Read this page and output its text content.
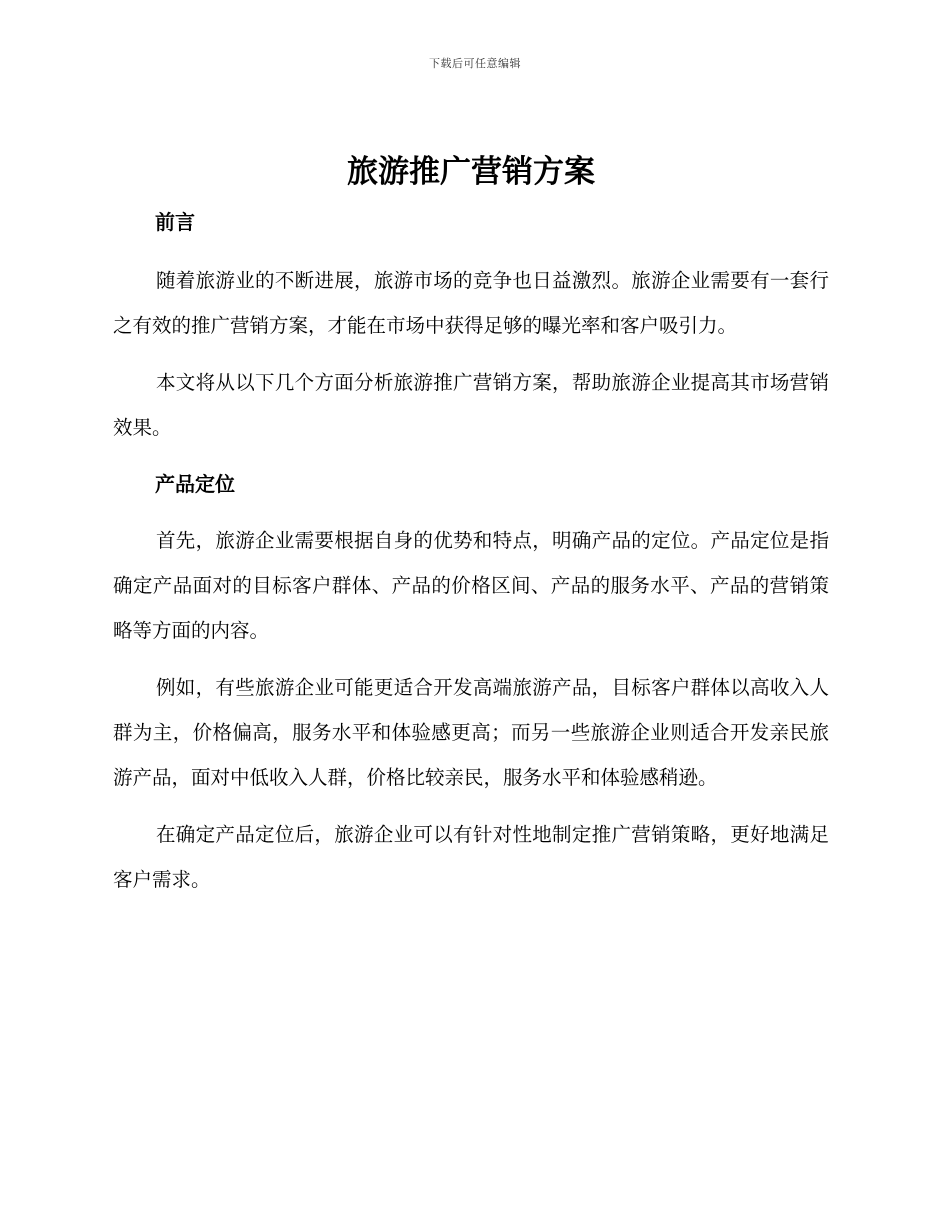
下载后可任意编辑
旅游推广营销方案
前言

随着旅游业的不断进展，旅游市场的竞争也日益激烈。旅游企业需要有一套行之有效的推广营销方案，才能在市场中获得足够的曝光率和客户吸引力。

本文将从以下几个方面分析旅游推广营销方案，帮助旅游企业提高其市场营销效果。

产品定位

首先，旅游企业需要根据自身的优势和特点，明确产品的定位。产品定位是指确定产品面对的目标客户群体、产品的价格区间、产品的服务水平、产品的营销策略等方面的内容。

例如，有些旅游企业可能更适合开发高端旅游产品，目标客户群体以高收入人群为主，价格偏高，服务水平和体验感更高；而另一些旅游企业则适合开发亲民旅游产品，面对中低收入人群，价格比较亲民，服务水平和体验感稍逊。

在确定产品定位后，旅游企业可以有针对性地制定推广营销策略，更好地满足客户需求。
